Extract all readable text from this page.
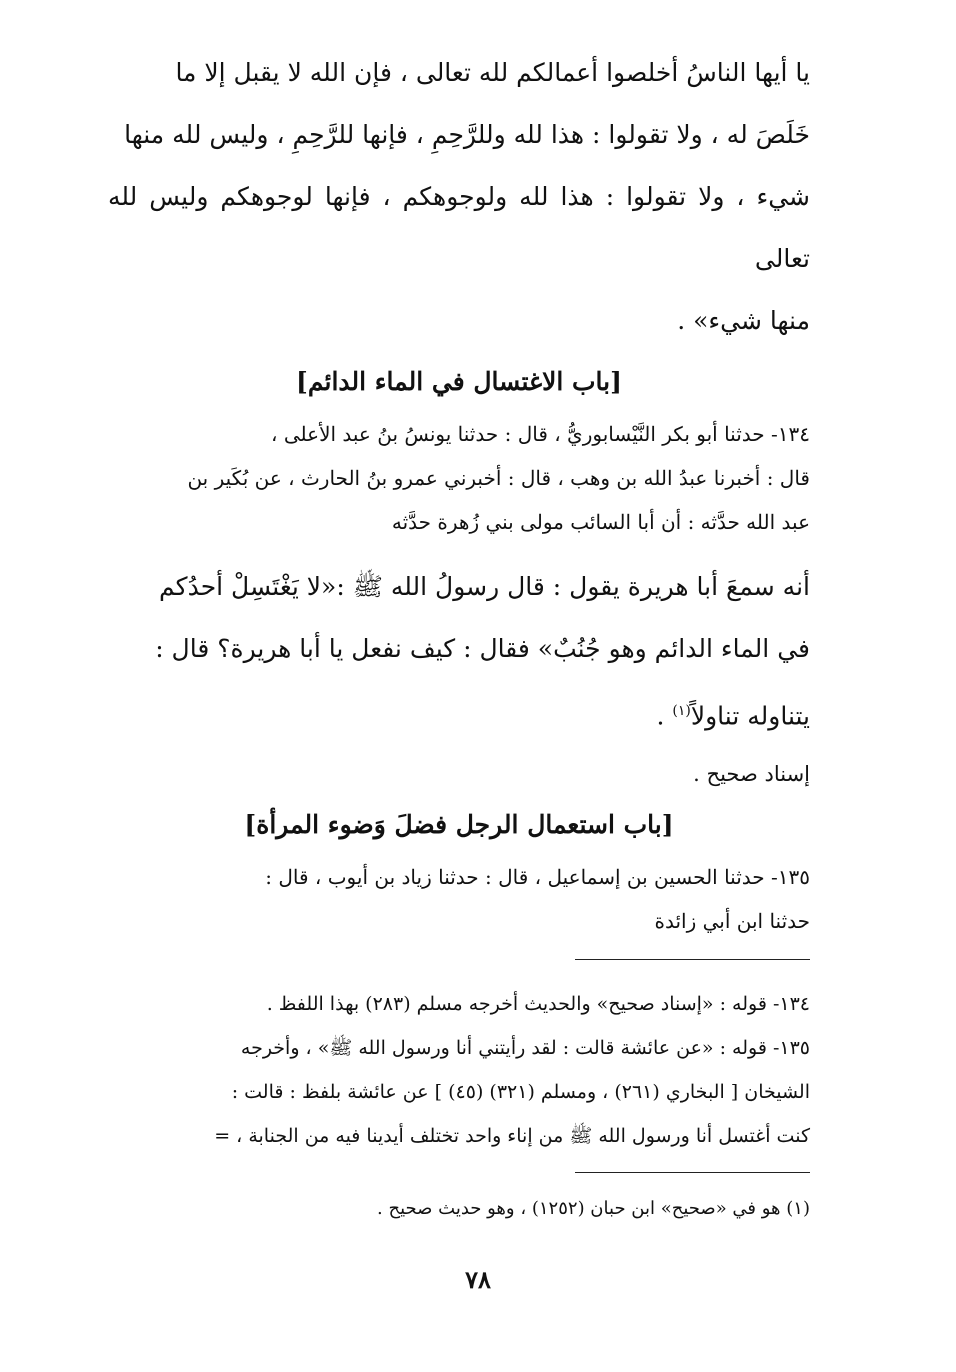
يا أيها الناسُ أخلصوا أعمالكم لله تعالى ، فإن الله لا يقبل إلا ما

خَلَصَ له ، ولا تقولوا : هذا لله وللرَّحِمِ ، فإنها للرَّحِمِ ، وليس لله منها

شيء ، ولا تقولوا : هذا لله ولوجوهكم ، فإنها لوجوهكم وليس لله تعالى

منها شيء» .

[باب الاغتسال في الماء الدائم]

١٣٤- حدثنا أبو بكر النَّيْسابوريُّ ، قال : حدثنا يونسُ بنُ عبد الأعلى ،

قال : أخبرنا عبدُ الله بن وهب ، قال : أخبرني عمرو بنُ الحارث ، عن بُكَير بن

عبد الله حدَّثه : أن أبا السائب مولى بني زُهرة حدَّثه

أنه سمعَ أبا هريرة يقول : قال رسولُ الله ﷺ :«لا يَغْتَسِلْ أحدُكم

في الماء الدائم وهو جُنُبٌ» فقال : كيف نفعل يا أبا هريرة؟ قال :

يتناوله تناولاً$^{(١)}$ .

إسناد صحيح .

[باب استعمال الرجل فضلَ وَضوء المرأة]

١٣٥- حدثنا الحسين بن إسماعيل ، قال : حدثنا زياد بن أيوب ، قال :

حدثنا ابن أبي زائدة

١٣٤- قوله : «إسناد صحيح» والحديث أخرجه مسلم (٢٨٣) بهذا اللفظ .

١٣٥- قوله : «عن عائشة قالت : لقد رأيتني أنا ورسول الله ﷺ» ، وأخرجه

الشيخان [ البخاري (٢٦١) ، ومسلم (٣٢١) (٤٥) ] عن عائشة بلفظ : قالت :

كنت أغتسل أنا ورسول الله ﷺ من إناء واحد تختلف أيدينا فيه من الجنابة ، =

(١) هو في «صحيح» ابن حبان (١٢٥٢) ، وهو حديث صحيح .

٧٨
